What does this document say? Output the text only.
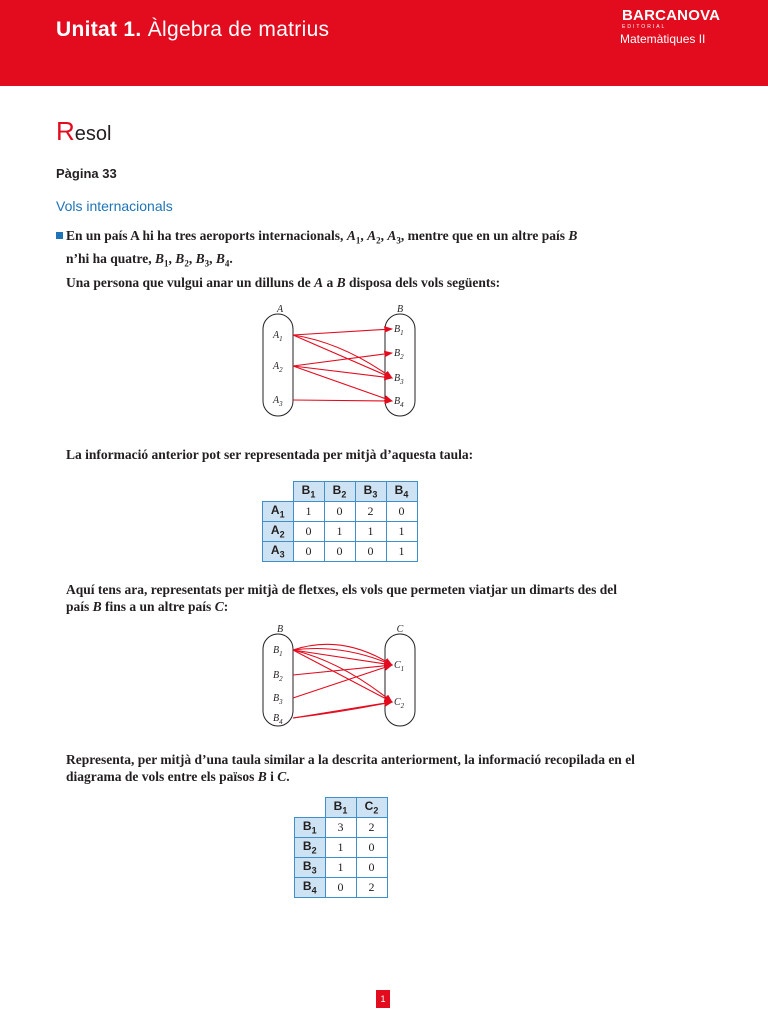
Unitat 1. Àlgebra de matrius
BARCANOVA
EDITORIAL
Matemàtiques II
Resol
Pàgina 33
Vols internacionals
En un país A hi ha tres aeroports internacionals, $A_1$, $A_2$, $A_3$, mentre que en un altre país B
n’hi ha quatre, $B_1$, $B_2$, $B_3$, $B_4$.
Una persona que vulgui anar un dilluns de A a B disposa dels vols següents:
A	B
$A_1$
$A_2$
$A_3$
$B_1$
$B_2$
$B_3$
$B_4$
La informació anterior pot ser representada per mitjà d’aquesta taula:
	$B_1$	$B_2$	$B_3$	$B_4$
$A_1$	1	0	2	0
$A_2$	0	1	1	1
$A_3$	0	0	0	1
Aquí tens ara, representats per mitjà de fletxes, els vols que permeten viatjar un dimarts des del
país B fins a un altre país C:
B	C
$B_1$
$B_2$
$B_3$
$B_4$
$C_1$
$C_2$
Representa, per mitjà d’una taula similar a la descrita anteriorment, la informació recopilada en el
diagrama de vols entre els països B i C.
	$B_1$	$C_2$
$B_1$	3	2
$B_2$	1	0
$B_3$	1	0
$B_4$	0	2
1
